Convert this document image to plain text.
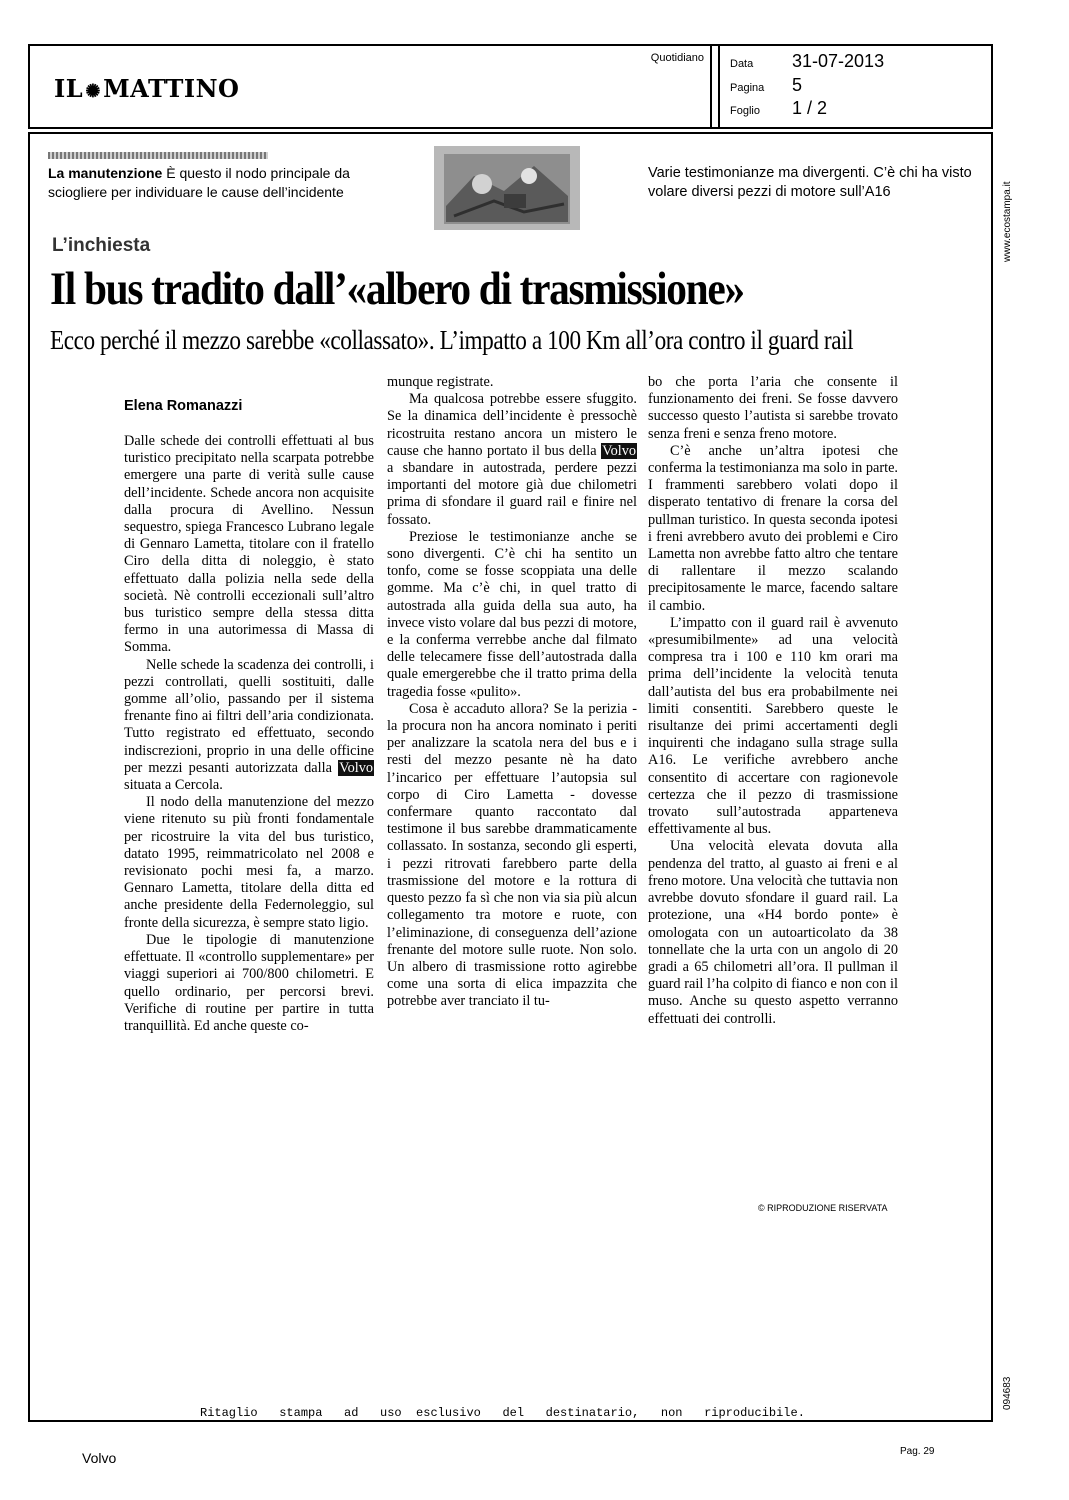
IL ✺MATTINO
Quotidiano Data 31-07-2013
Pagina 5
Foglio 1 / 2
www.ecostampa.it
094683
La manutenzione È questo il nodo principale da sciogliere per individuare le cause dell’incidente
Varie testimonianze ma divergenti. C’è chi ha visto volare diversi pezzi di motore sull’A16
L’inchiesta
Il bus tradito dall’«albero di trasmissione»
Ecco perché il mezzo sarebbe «collassato». L’impatto a 100 Km all’ora contro il guard rail
Elena Romanazzi

Dalle schede dei controlli effettuati al bus turistico precipitato nella scarpata potrebbe emergere una parte di verità sulle cause dell’incidente. Schede ancora non acquisite dalla procura di Avellino. Nessun sequestro, spiega Francesco Lubrano legale di Gennaro Lametta, titolare con il fratello Ciro della ditta di noleggio, è stato effettuato dalla polizia nella sede della società. Nè controlli eccezionali sull’altro bus turistico sempre della stessa ditta fermo in una autorimessa di Massa di Somma.

Nelle schede la scadenza dei controlli, i pezzi controllati, quelli sostituiti, dalle gomme all’olio, passando per il sistema frenante fino ai filtri dell’aria condizionata. Tutto registrato ed effettuato, secondo indiscrezioni, proprio in una delle officine per mezzi pesanti autorizzata dalla Volvo situata a Cercola.

Il nodo della manutenzione del mezzo viene ritenuto su più fronti fondamentale per ricostruire la vita del bus turistico, datato 1995, reimmatricolato nel 2008 e revisionato pochi mesi fa, a marzo. Gennaro Lametta, titolare della ditta ed anche presidente della Federnoleggio, sul fronte della sicurezza, è sempre stato ligio.

Due le tipologie di manutenzione effettuate. Il «controllo supplementare» per viaggi superiori ai 700/800 chilometri. E quello ordinario, per percorsi brevi. Verifiche di routine per partire in tutta tranquillità. Ed anche queste co-

munque registrate.

Ma qualcosa potrebbe essere sfuggito. Se la dinamica dell’incidente è pressochè ricostruita restano ancora un mistero le cause che hanno portato il bus della Volvo a sbandare in autostrada, perdere pezzi importanti del motore già due chilometri prima di sfondare il guard rail e finire nel fossato.

Preziose le testimonianze anche se sono divergenti. C’è chi ha sentito un tonfo, come se fosse scoppiata una delle gomme. Ma c’è chi, in quel tratto di autostrada alla guida della sua auto, ha invece visto volare dal bus pezzi di motore, e la conferma verrebbe anche dal filmato delle telecamere fisse dell’autostrada dalla quale emergerebbe che il tratto prima della tragedia fosse «pulito».

Cosa è accaduto allora? Se la perizia - la procura non ha ancora nominato i periti per analizzare la scatola nera del bus e i resti del mezzo pesante nè ha dato l’incarico per effettuare l’autopsia sul corpo di Ciro Lametta - dovesse confermare quanto raccontato dal testimone il bus sarebbe drammaticamente collassato. In sostanza, secondo gli esperti, i pezzi ritrovati farebbero parte della trasmissione del motore e la rottura di questo pezzo fa sì che non via sia più alcun collegamento tra motore e ruote, con l’eliminazione, di conseguenza dell’azione frenante del motore sulle ruote. Non solo. Un albero di trasmissione rotto agirebbe come una sorta di elica impazzita che potrebbe aver tranciato il tu-

bo che porta l’aria che consente il funzionamento dei freni. Se fosse davvero successo questo l’autista si sarebbe trovato senza freni e senza freno motore.

C’è anche un’altra ipotesi che conferma la testimonianza ma solo in parte. I frammenti sarebbero volati dopo il disperato tentativo di frenare la corsa del pullman turistico. In questa seconda ipotesi i freni avrebbero avuto dei problemi e Ciro Lametta non avrebbe fatto altro che tentare di rallentare il mezzo scalando precipitosamente le marce, facendo saltare il cambio.

L’impatto con il guard rail è avvenuto «presumibilmente» ad una velocità compresa tra i 100 e 110 km orari ma prima dell’incidente la velocità tenuta dall’autista del bus era probabilmente nei limiti consentiti. Sarebbero queste le risultanze dei primi accertamenti degli inquirenti che indagano sulla strage sulla A16. Le verifiche avrebbero anche consentito di accertare con ragionevole certezza che il pezzo di trasmissione trovato sull’autostrada apparteneva effettivamente al bus.

Una velocità elevata dovuta alla pendenza del tratto, al guasto ai freni e al freno motore. Una velocità che tuttavia non avrebbe dovuto sfondare il guard rail. La protezione, una «H4 bordo ponte» è omologata con un autoarticolato da 38 tonnellate che la urta con un angolo di 20 gradi a 65 chilometri all’ora. Il pullman il guard rail l’ha colpito di fianco e non con il muso. Anche su questo aspetto verranno effettuati dei controlli.

© RIPRODUZIONE RISERVATA
Ritaglio   stampa   ad   uso  esclusivo   del   destinatario,   non   riproducibile.
Volvo	Pag. 29
